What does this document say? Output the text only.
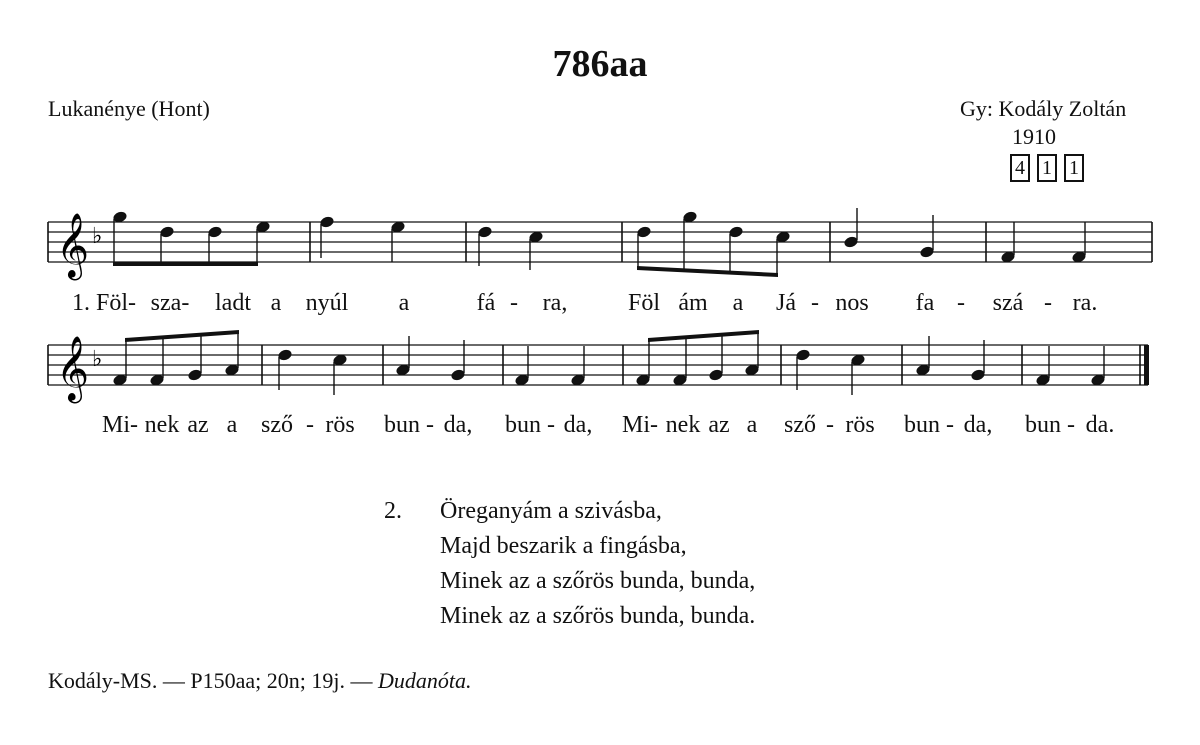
786aa
Lukanénye (Hont)	Gy: Kodály Zoltán
1910
4 1 1
𝄞 ♭
𝄞 ♭
1. Föl- sza- ladt a nyúl a	fá - ra,	Föl ám a Já - nos fa - szá - ra.
Mi- nek az a sző - rös bun - da, bun - da, Mi- nek az a sző - rös bun - da, bun - da.
2. Öreganyám a szivásba,
Majd beszarik a fingásba,
Minek az a szőrös bunda, bunda,
Minek az a szőrös bunda, bunda.
Kodály-MS. — P150aa; 20n; 19j. — Dudanóta.
